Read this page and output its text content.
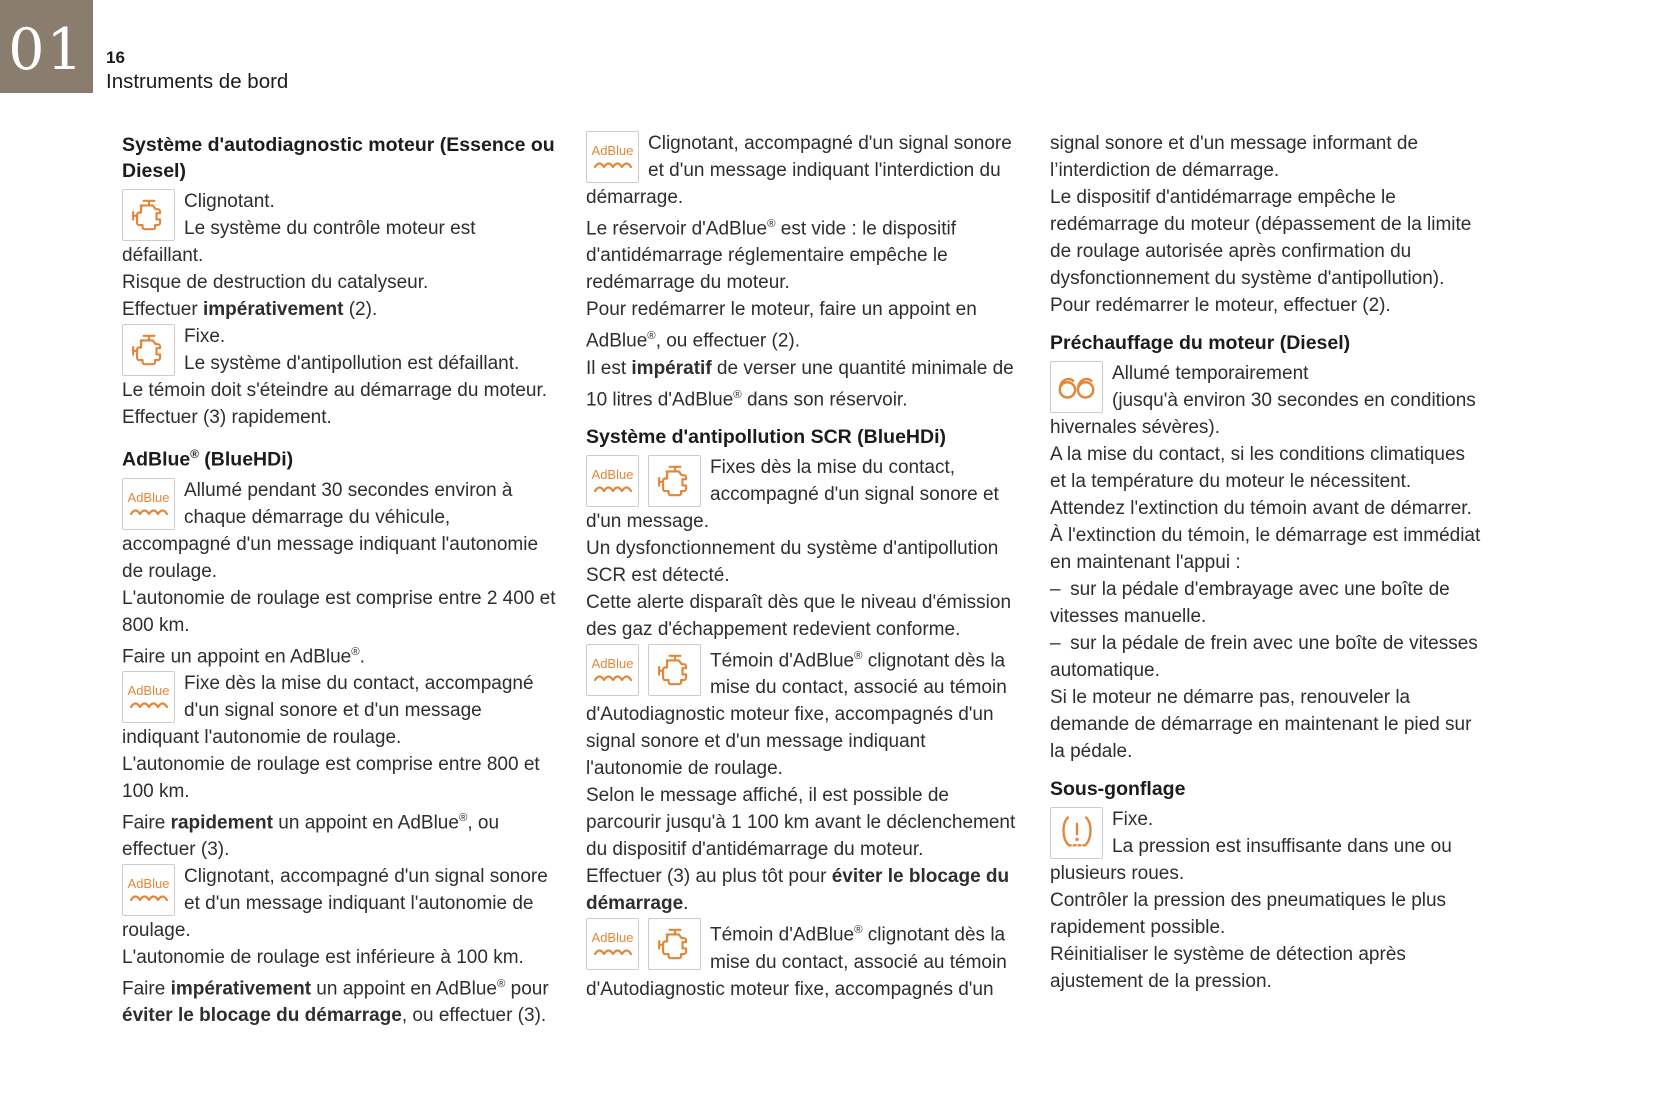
01 16
Instruments de bord
Système d'autodiagnostic moteur (Essence ou Diesel)
Clignotant.
Le système du contrôle moteur est défaillant.

Risque de destruction du catalyseur.

Effectuer impérativement (2).

Fixe.
Le système d'antipollution est défaillant.

Le témoin doit s'éteindre au démarrage du moteur.

Effectuer (3) rapidement.

AdBlue® (BlueHDi)
AdBlue Allumé pendant 30 secondes environ à chaque démarrage du véhicule, accompagné d'un message indiquant l'autonomie de roulage.

L'autonomie de roulage est comprise entre 2 400 et 800 km.

Faire un appoint en AdBlue®.

AdBlue Fixe dès la mise du contact, accompagné d'un signal sonore et d'un message indiquant l'autonomie de roulage.

L'autonomie de roulage est comprise entre 800 et 100 km.

Faire rapidement un appoint en AdBlue®, ou effectuer (3).

AdBlue Clignotant, accompagné d'un signal sonore et d'un message indiquant l'autonomie de roulage.

L'autonomie de roulage est inférieure à 100 km.

Faire impérativement un appoint en AdBlue® pour éviter le blocage du démarrage, ou effectuer (3).

AdBlue Clignotant, accompagné d'un signal sonore et d'un message indiquant l'interdiction du démarrage.

Le réservoir d'AdBlue® est vide : le dispositif d'antidémarrage réglementaire empêche le redémarrage du moteur.

Pour redémarrer le moteur, faire un appoint en AdBlue®, ou effectuer (2).

Il est impératif de verser une quantité minimale de 10 litres d'AdBlue® dans son réservoir.

Système d'antipollution SCR (BlueHDi)
AdBlue	Fixes dès la mise du contact, accompagné d'un signal sonore et d'un message.

Un dysfonctionnement du système d'antipollution SCR est détecté.

Cette alerte disparaît dès que le niveau d'émission des gaz d'échappement redevient conforme.

AdBlue	Témoin d'AdBlue® clignotant dès la mise du contact, associé au témoin d'Autodiagnostic moteur fixe, accompagnés d'un signal sonore et d'un message indiquant l'autonomie de roulage.

Selon le message affiché, il est possible de parcourir jusqu'à 1 100 km avant le déclenchement du dispositif d'antidémarrage du moteur.

Effectuer (3) au plus tôt pour éviter le blocage du démarrage.

AdBlue	Témoin d'AdBlue® clignotant dès la mise du contact, associé au témoin d'Autodiagnostic moteur fixe, accompagnés d'un

signal sonore et d'un message informant de l’interdiction de démarrage.

Le dispositif d'antidémarrage empêche le redémarrage du moteur (dépassement de la limite de roulage autorisée après confirmation du dysfonctionnement du système d'antipollution).

Pour redémarrer le moteur, effectuer (2).

Préchauffage du moteur (Diesel)
Allumé temporairement
(jusqu'à environ 30 secondes en conditions hivernales sévères).

A la mise du contact, si les conditions climatiques et la température du moteur le nécessitent.

Attendez l'extinction du témoin avant de démarrer.

À l'extinction du témoin, le démarrage est immédiat en maintenant l'appui :

– sur la pédale d'embrayage avec une boîte de vitesses manuelle.

– sur la pédale de frein avec une boîte de vitesses automatique.

Si le moteur ne démarre pas, renouveler la demande de démarrage en maintenant le pied sur la pédale.

Sous-gonflage
Fixe.
La pression est insuffisante dans une ou plusieurs roues.

Contrôler la pression des pneumatiques le plus rapidement possible.

Réinitialiser le système de détection après ajustement de la pression.
